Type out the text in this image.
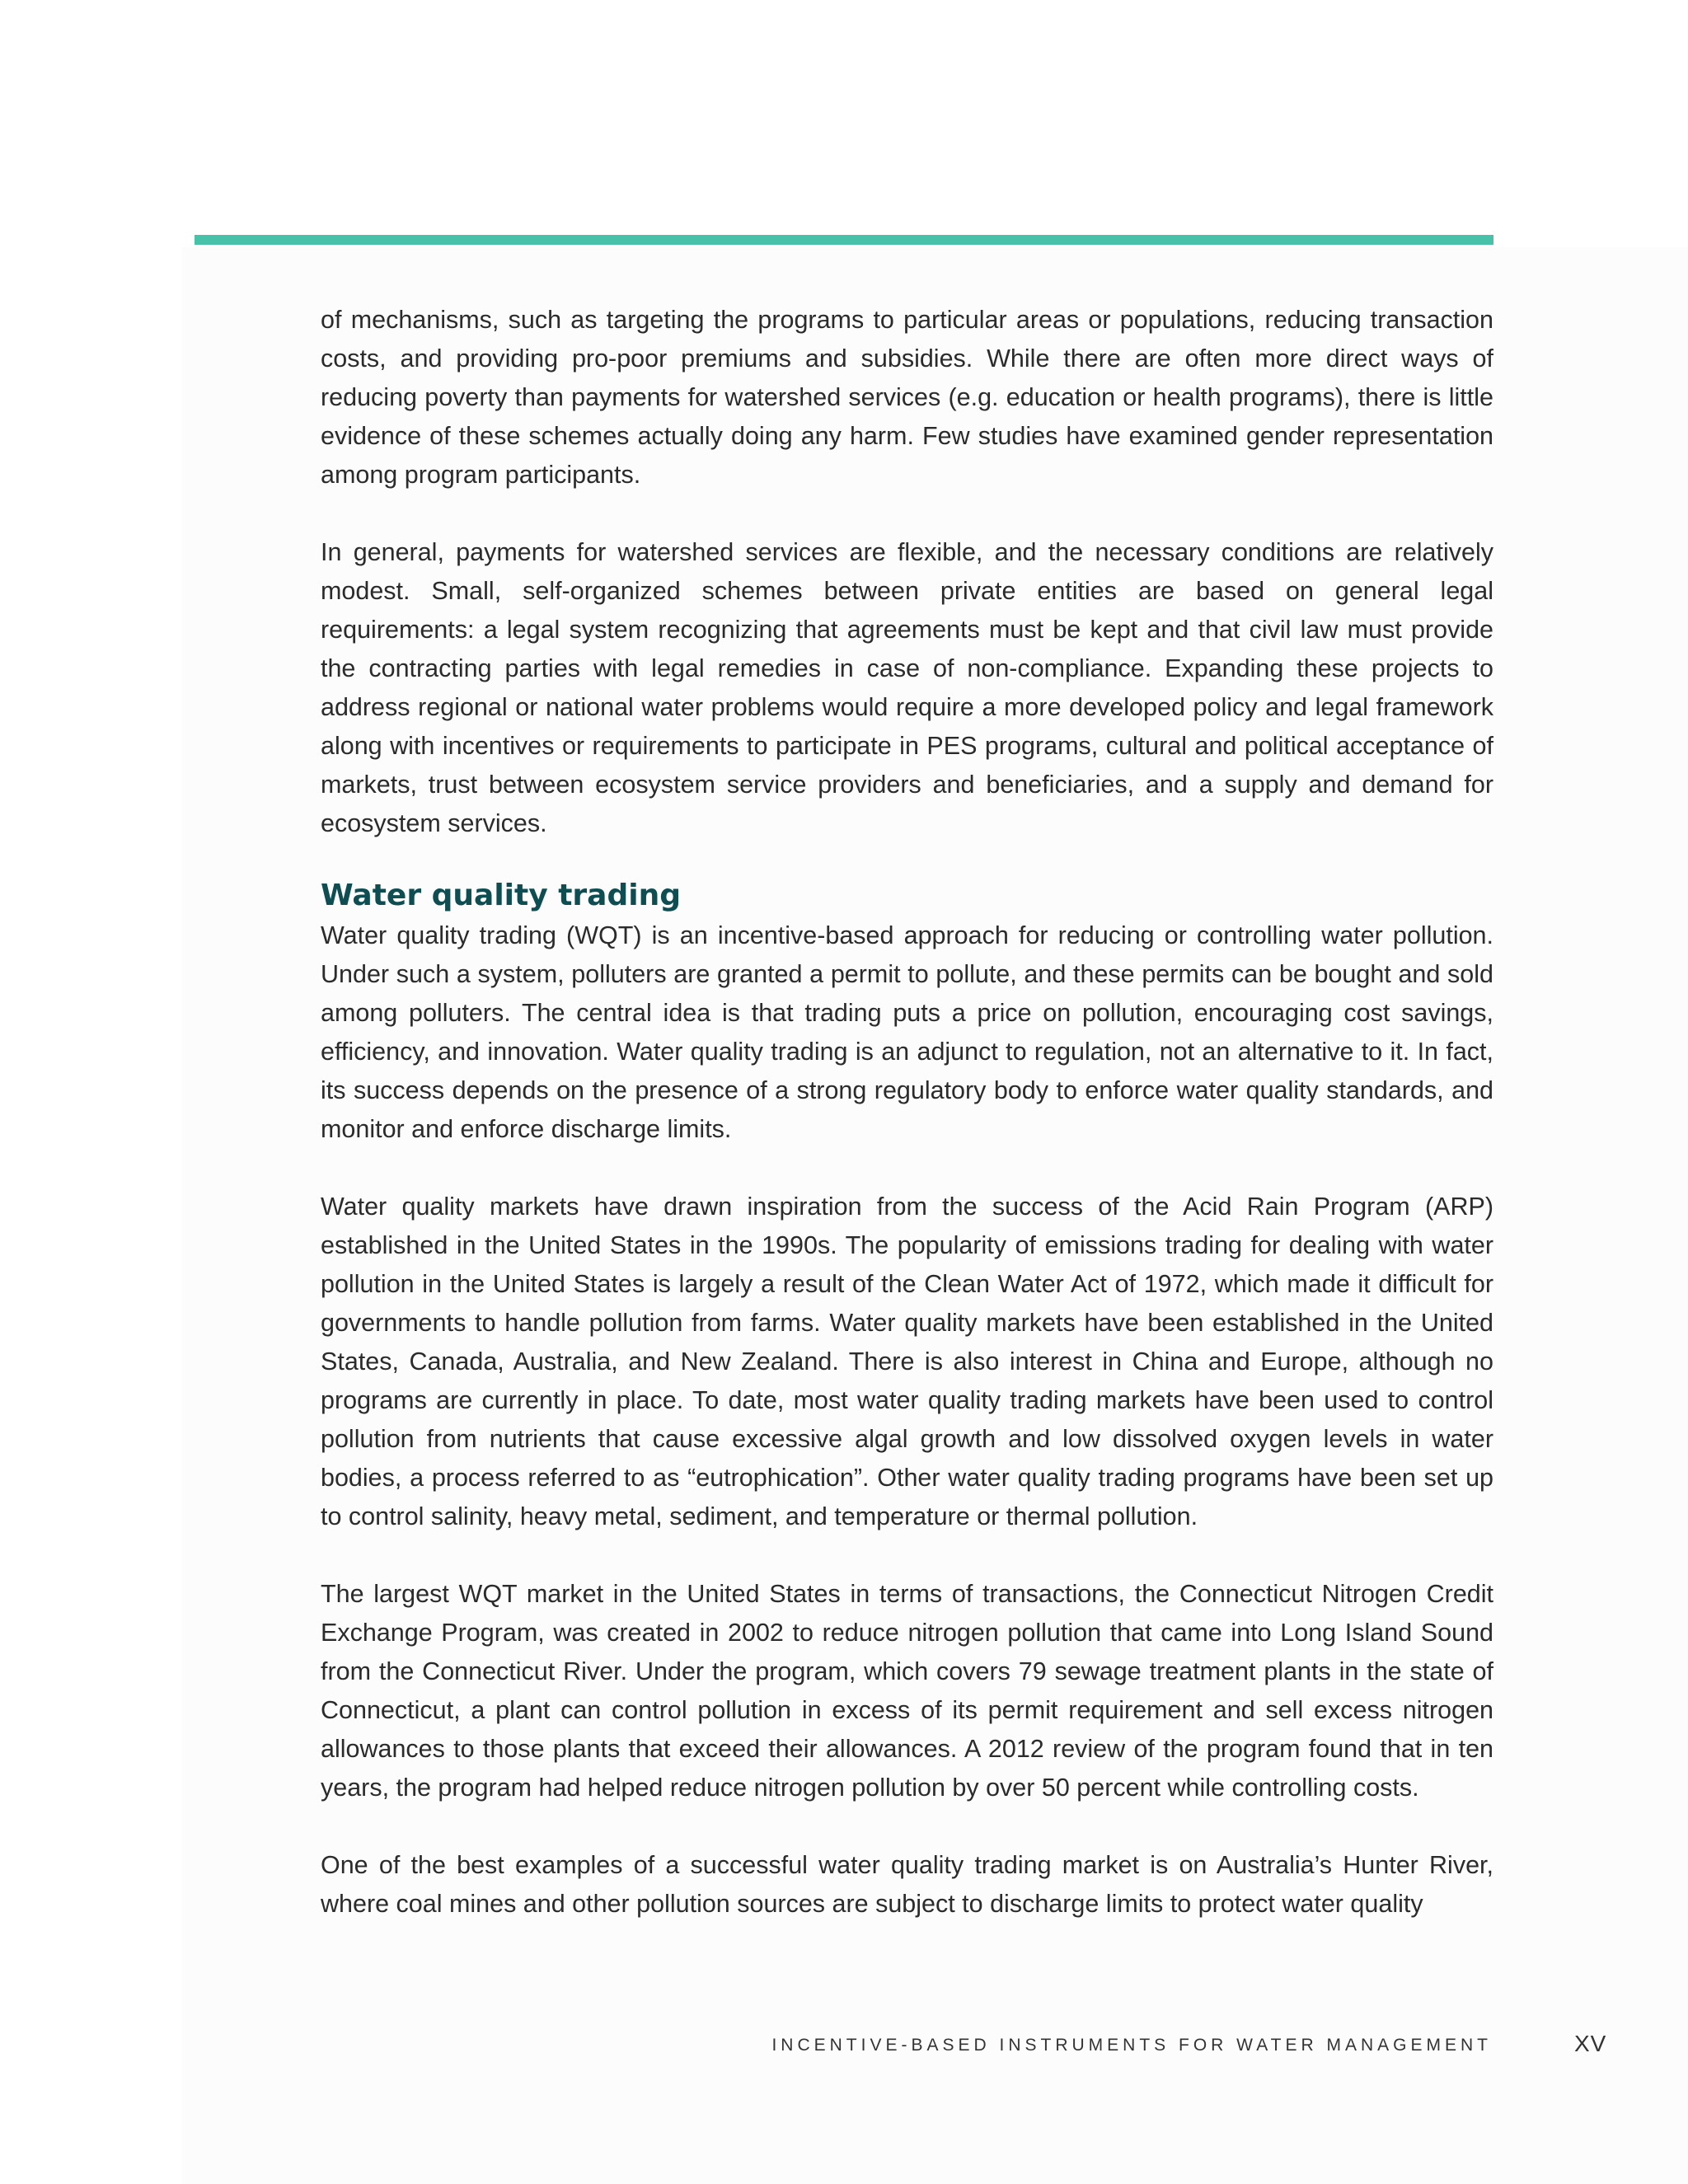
of mechanisms, such as targeting the programs to particular areas or populations, reducing transaction costs, and providing pro-poor premiums and subsidies. While there are often more direct ways of reducing poverty than payments for watershed services (e.g. education or health programs), there is little evidence of these schemes actually doing any harm. Few studies have examined gender representation among program participants.

In general, payments for watershed services are flexible, and the necessary conditions are relatively modest. Small, self-organized schemes between private entities are based on general legal requirements: a legal system recognizing that agreements must be kept and that civil law must provide the contracting parties with legal remedies in case of non-compliance. Expanding these projects to address regional or national water problems would require a more developed policy and legal framework along with incentives or requirements to participate in PES programs, cultural and political acceptance of markets, trust between ecosystem service providers and beneficiaries, and a supply and demand for ecosystem services.

Water quality trading

Water quality trading (WQT) is an incentive-based approach for reducing or controlling water pollution. Under such a system, polluters are granted a permit to pollute, and these permits can be bought and sold among polluters. The central idea is that trading puts a price on pollution, encouraging cost savings, efficiency, and innovation. Water quality trading is an adjunct to regulation, not an alternative to it. In fact, its success depends on the presence of a strong regulatory body to enforce water quality standards, and monitor and enforce discharge limits.

Water quality markets have drawn inspiration from the success of the Acid Rain Program (ARP) established in the United States in the 1990s. The popularity of emissions trading for dealing with water pollution in the United States is largely a result of the Clean Water Act of 1972, which made it difficult for governments to handle pollution from farms. Water quality markets have been established in the United States, Canada, Australia, and New Zealand. There is also interest in China and Europe, although no programs are currently in place. To date, most water quality trading markets have been used to control pollution from nutrients that cause excessive algal growth and low dissolved oxygen levels in water bodies, a process referred to as “eutrophication”. Other water quality trading programs have been set up to control salinity, heavy metal, sediment, and temperature or thermal pollution.

The largest WQT market in the United States in terms of transactions, the Connecticut Nitrogen Credit Exchange Program, was created in 2002 to reduce nitrogen pollution that came into Long Island Sound from the Connecticut River. Under the program, which covers 79 sewage treatment plants in the state of Connecticut, a plant can control pollution in excess of its permit requirement and sell excess nitrogen allowances to those plants that exceed their allowances. A 2012 review of the program found that in ten years, the program had helped reduce nitrogen pollution by over 50 percent while controlling costs.

One of the best examples of a successful water quality trading market is on Australia’s Hunter River, where coal mines and other pollution sources are subject to discharge limits to protect water quality

INCENTIVE-BASED INSTRUMENTS FOR WATER MANAGEMENT	XV
